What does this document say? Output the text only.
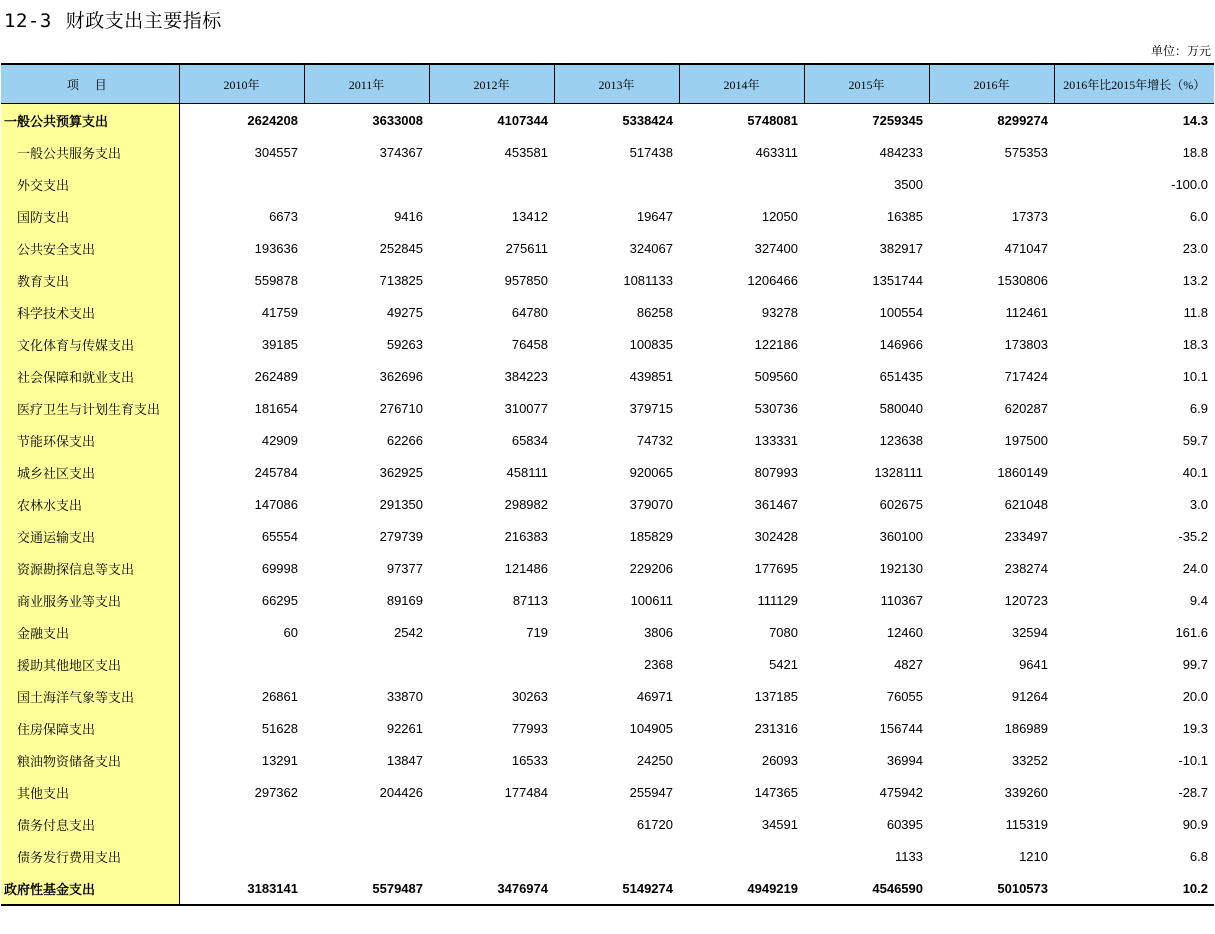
12-3 财政支出主要指标
单位：万元
项 目	2010年	2011年	2012年	2013年	2014年	2015年	2016年	2016年比2015年增长（%）
一般公共预算支出	2624208	3633008	4107344	5338424	5748081	7259345	8299274	14.3
一般公共服务支出	304557	374367	453581	517438	463311	484233	575353	18.8
外交支出						3500		-100.0
国防支出	6673	9416	13412	19647	12050	16385	17373	6.0
公共安全支出	193636	252845	275611	324067	327400	382917	471047	23.0
教育支出	559878	713825	957850	1081133	1206466	1351744	1530806	13.2
科学技术支出	41759	49275	64780	86258	93278	100554	112461	11.8
文化体育与传媒支出	39185	59263	76458	100835	122186	146966	173803	18.3
社会保障和就业支出	262489	362696	384223	439851	509560	651435	717424	10.1
医疗卫生与计划生育支出	181654	276710	310077	379715	530736	580040	620287	6.9
节能环保支出	42909	62266	65834	74732	133331	123638	197500	59.7
城乡社区支出	245784	362925	458111	920065	807993	1328111	1860149	40.1
农林水支出	147086	291350	298982	379070	361467	602675	621048	3.0
交通运输支出	65554	279739	216383	185829	302428	360100	233497	-35.2
资源勘探信息等支出	69998	97377	121486	229206	177695	192130	238274	24.0
商业服务业等支出	66295	89169	87113	100611	111129	110367	120723	9.4
金融支出	60	2542	719	3806	7080	12460	32594	161.6
援助其他地区支出				2368	5421	4827	9641	99.7
国土海洋气象等支出	26861	33870	30263	46971	137185	76055	91264	20.0
住房保障支出	51628	92261	77993	104905	231316	156744	186989	19.3
粮油物资储备支出	13291	13847	16533	24250	26093	36994	33252	-10.1
其他支出	297362	204426	177484	255947	147365	475942	339260	-28.7
债务付息支出				61720	34591	60395	115319	90.9
债务发行费用支出						1133	1210	6.8
政府性基金支出	3183141	5579487	3476974	5149274	4949219	4546590	5010573	10.2
